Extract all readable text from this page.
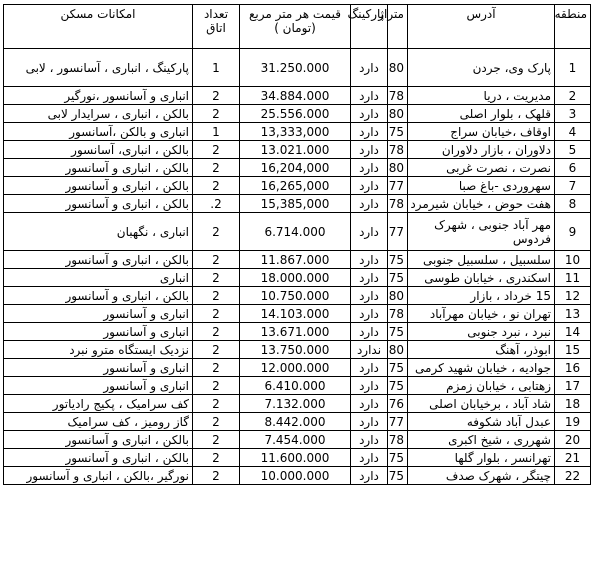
منطقه	آدرس	متراژ	پارکینگ	قیمت هر متر مربع (تومان )	تعداد اتاق	امکانات مسکن
1	پارک وی، جردن	80	دارد	31.250.000	1	پارکینگ ، انباری ، آسانسور ، لابی
2	مدیریت ، دریا	78	دارد	34.884.000	2	انباری و آسانسور ،نورگیر
3	قلهک ، بلوار اصلی	80	دارد	25.556.000	2	بالکن ، انباری ، سرایدار لابی
4	اوقاف ،خیابان سراج	75	دارد	13,333,000	1	انباری و بالکن ،آسانسور
5	دلاوران ، بازار دلاوران	78	دارد	13.021.000	2	بالکن ، انباری، آسانسور
6	نصرت ، نصرت غربی	80	دارد	16,204,000	2	بالکن ، انباری و آسانسور
7	سهروردی -باغ صبا	77	دارد	16,265,000	2	بالکن ، انباری و آسانسور
8	هفت حوض ، خیابان شیرمرد	78	دارد	15,385,000	2.	بالکن ، انباری و آسانسور
9	مهر آباد جنوبی ، شهرک فردوس	77	دارد	6.714.000	2	انباری ، نگهبان
10	سلسبیل ، سلسبیل جنوبی	75	دارد	11.867.000	2	بالکن ، انباری و آسانسور
11	اسکندری ، خیابان طوسی	75	دارد	18.000.000	2	انباری
12	15 خرداد ، بازار	80	دارد	10.750.000	2	بالکن ، انباری و آسانسور
13	تهران نو ، خیابان مهرآباد	78	دارد	14.103.000	2	انباری و آسانسور
14	نبرد ، نبرد جنوبی	75	دارد	13.671.000	2	انباری و آسانسور
15	ابوذر، آهنگ	80	ندارد	13.750.000	2	نزدیک ایستگاه مترو نبرد
16	جوادیه ، خیابان شهید کرمی	75	دارد	12.000.000	2	انباری و آسانسور
17	زهتابی ، خیابان زمزم	75	دارد	6.410.000	2	انباری و آسانسور
18	شاد آباد ، برخیابان اصلی	76	دارد	7.132.000	2	کف سرامیک ، پکیج رادیاتور
19	عبدل آباد شکوفه	77	دارد	8.442.000	2	گاز رومیز ، کف سرامیک
20	شهرری ، شیخ اکبری	78	دارد	7.454.000	2	بالکن ، انباری و آسانسور
21	تهرانسر ، بلوار گلها	75	دارد	11.600.000	2	بالکن ، انباری و آسانسور
22	چیتگر ، شهرک صدف	75	دارد	10.000.000	2	نورگیر ،بالکن ، انباری و آسانسور
